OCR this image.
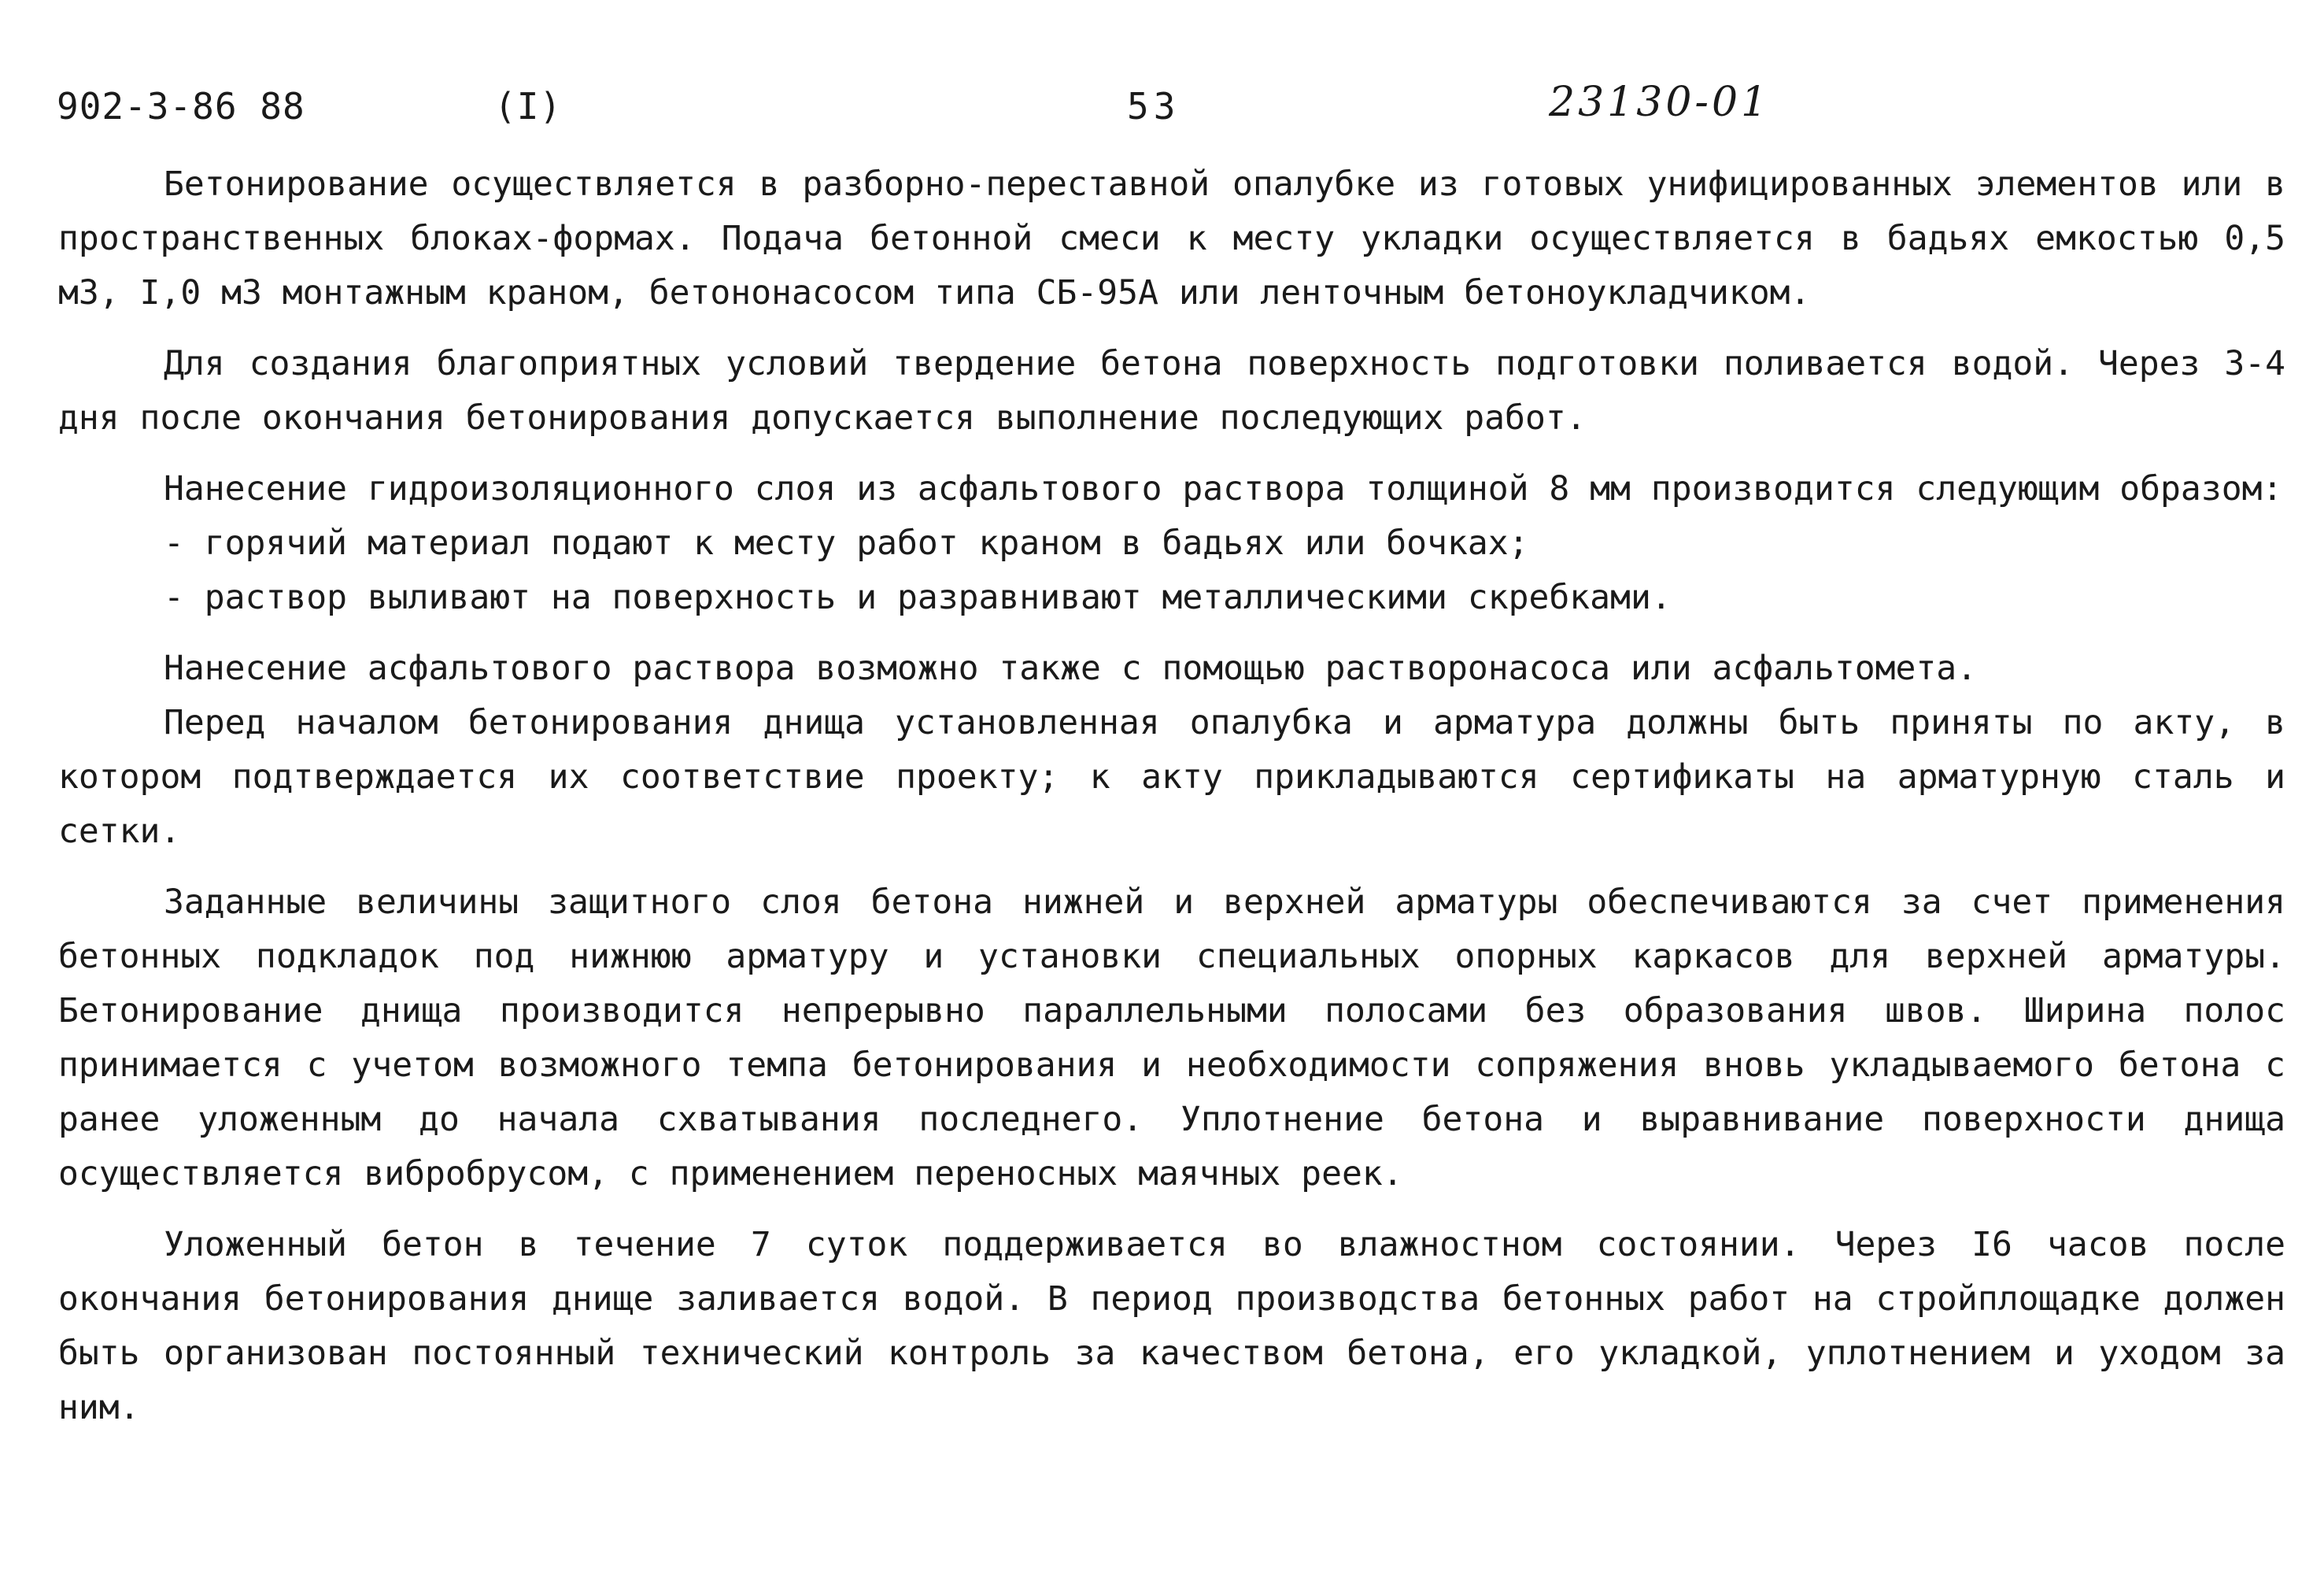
902-3-86 88	(I)	53	23130-01

Бетонирование осуществляется в разборно-переставной опалубке из готовых унифицированных элементов или в пространственных блоках-формах. Подача бетонной смеси к месту укладки осуществляется в бадьях емкостью 0,5 м3, I,0 м3 монтажным краном, бетононасосом типа СБ-95А или ленточным бетоноукладчиком.

Для создания благоприятных условий твердение бетона поверхность подготовки поливается водой. Через 3-4 дня после окончания бетонирования допускается выполнение последующих работ.

Нанесение гидроизоляционного слоя из асфальтового раствора толщиной 8 мм производится следующим образом:

- горячий материал подают к месту работ краном в бадьях или бочках;

- раствор выливают на поверхность и разравнивают металлическими скребками.

Нанесение асфальтового раствора возможно также с помощью растворонасоса или асфальтомета.

Перед началом бетонирования днища установленная опалубка и арматура должны быть приняты по акту, в котором подтверждается их соответствие проекту; к акту прикладываются сертификаты на арматурную сталь и сетки.

Заданные величины защитного слоя бетона нижней и верхней арматуры обеспечиваются за счет применения бетонных подкладок под нижнюю арматуру и установки специальных опорных каркасов для верхней арматуры. Бетонирование днища производится непрерывно параллельными полосами без образования швов. Ширина полос принимается с учетом возможного темпа бетонирования и необходимости сопряжения вновь укладываемого бетона с ранее уложенным до начала схватывания последнего. Уплотнение бетона и выравнивание поверхности днища осуществляется вибробрусом, с применением переносных маячных реек.

Уложенный бетон в течение 7 суток поддерживается во влажностном состоянии. Через I6 часов после окончания бетонирования днище заливается водой. В период производства бетонных работ на стройплощадке должен быть организован постоянный технический контроль за качеством бетона, его укладкой, уплотнением и уходом за ним.
